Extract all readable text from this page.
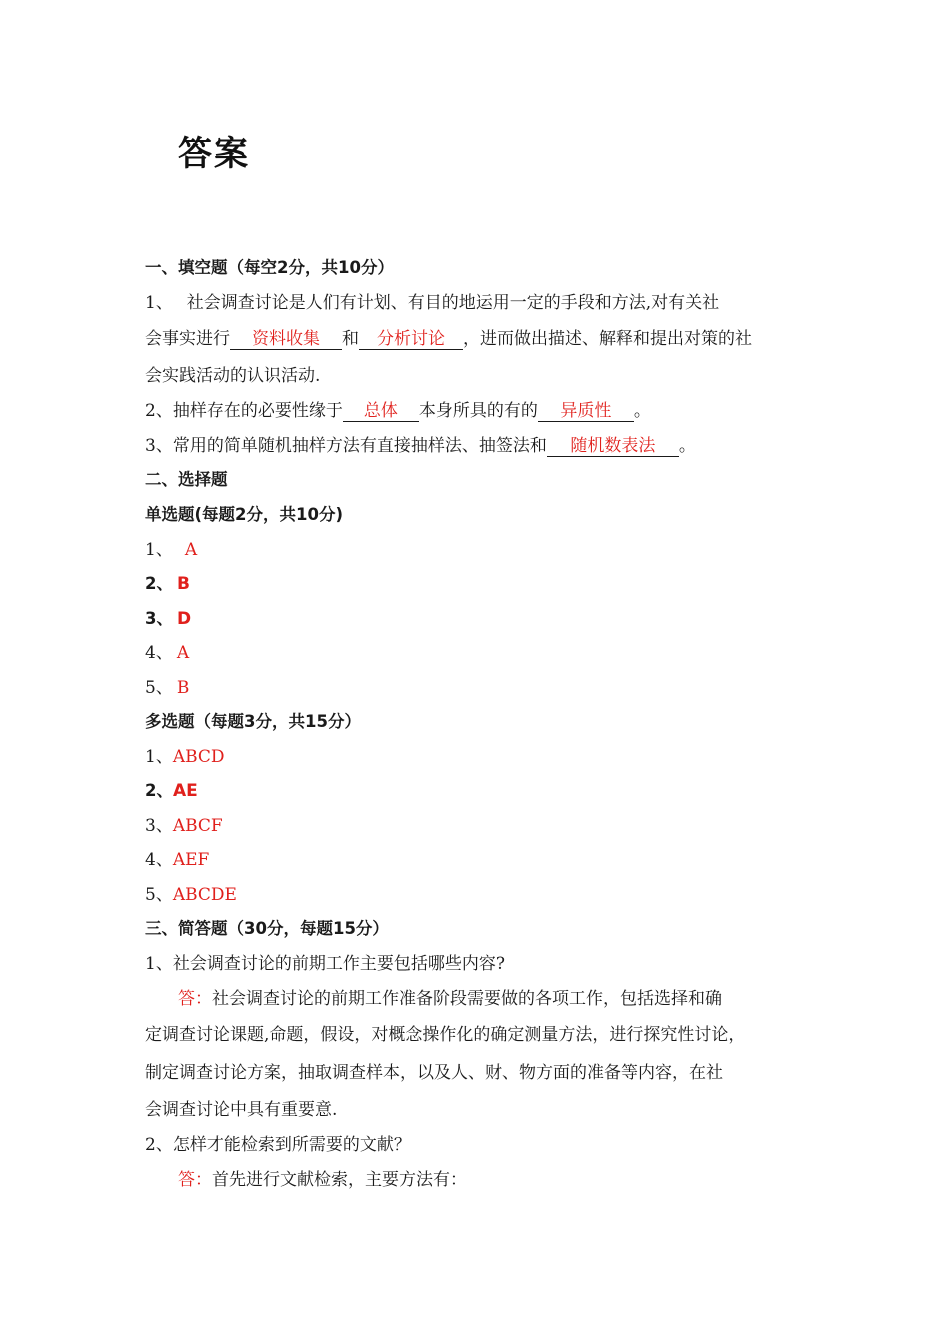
答案
一、填空题（每空2分，共10分）
1、　 社会调查讨论是人们有计划、有目的地运用一定的手段和方法,对有关社
会事实进行 资料收集 和 分析讨论 ，进而做出描述、解释和提出对策的社
会实践活动的认识活动.
2、抽样存在的必要性缘于 总体 本身所具的有的 异质性 。
3、常用的简单随机抽样方法有直接抽样法、抽签法和 随机数表法 。
二、选择题
单选题(每题2分，共10分)
1、 A
2、 B
3、 D
4、 A
5、 B
多选题（每题3分，共15分）
1、ABCD
2、AE
3、ABCF
4、AEF
5、ABCDE
三、简答题（30分，每题15分）
1、社会调查讨论的前期工作主要包括哪些内容?
答：社会调查讨论的前期工作准备阶段需要做的各项工作，包括选择和确
定调查讨论课题,命题，假设，对概念操作化的确定测量方法，进行探究性讨论，
制定调查讨论方案，抽取调查样本，以及人、财、物方面的准备等内容，在社
会调查讨论中具有重要意.
2、怎样才能检索到所需要的文献？
答：首先进行文献检索，主要方法有：
